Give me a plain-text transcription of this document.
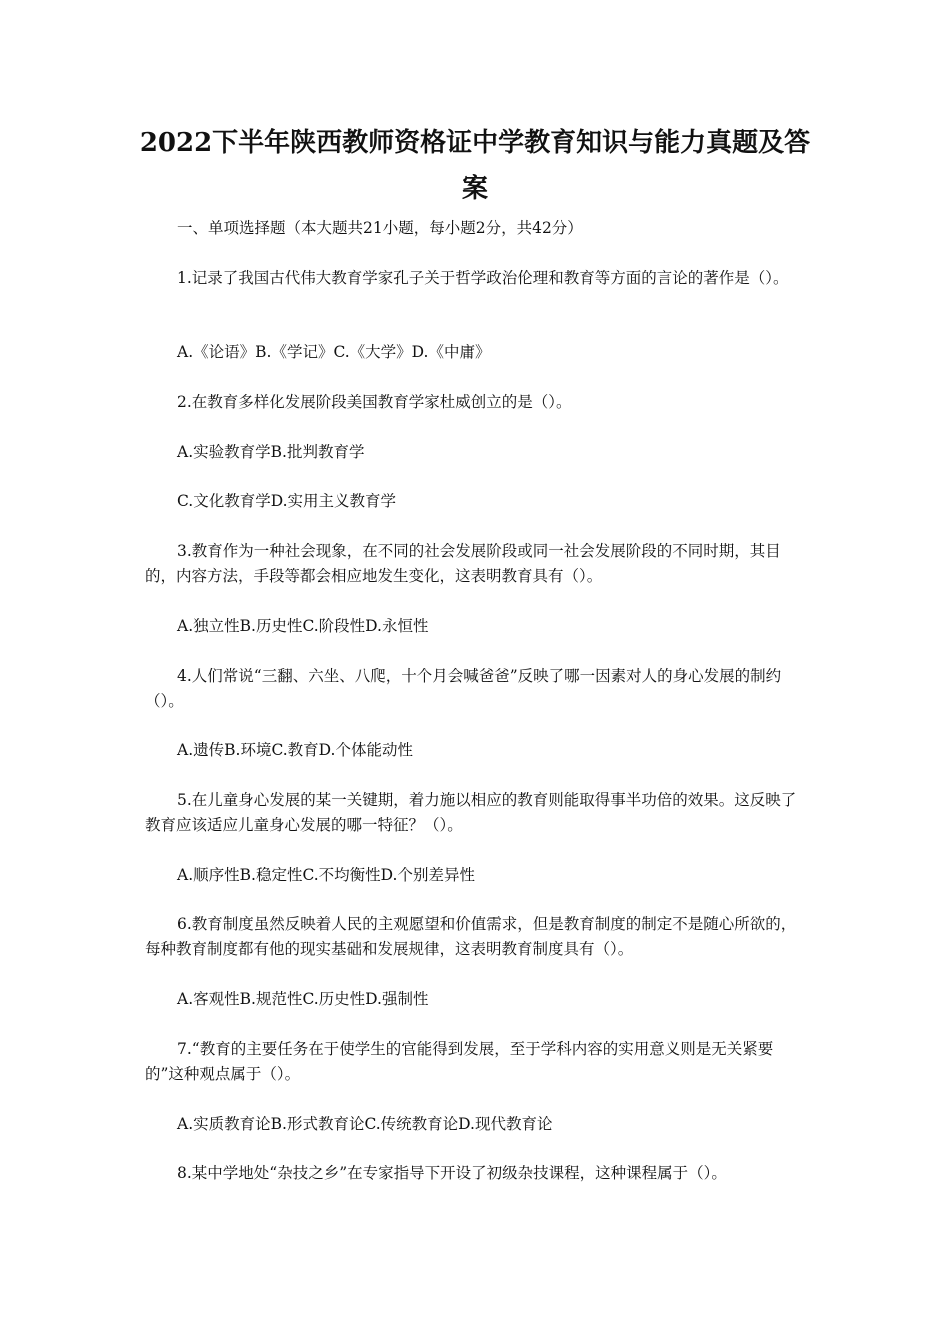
2022下半年陕西教师资格证中学教育知识与能力真题及答
案

一、单项选择题（本大题共21小题，每小题2分，共42分）

1.记录了我国古代伟大教育学家孔子关于哲学政治伦理和教育等方面的言论的著作是（）。

A.《论语》B.《学记》C.《大学》D.《中庸》

2.在教育多样化发展阶段美国教育学家杜威创立的是（）。

A.实验教育学B.批判教育学

C.文化教育学D.实用主义教育学

3.教育作为一种社会现象，在不同的社会发展阶段或同一社会发展阶段的不同时期，其目的，内容方法，手段等都会相应地发生变化，这表明教育具有（）。

A.独立性B.历史性C.阶段性D.永恒性

4.人们常说“三翻、六坐、八爬，十个月会喊爸爸”反映了哪一因素对人的身心发展的制约（）。

A.遗传B.环境C.教育D.个体能动性

5.在儿童身心发展的某一关键期，着力施以相应的教育则能取得事半功倍的效果。这反映了教育应该适应儿童身心发展的哪一特征？（）。

A.顺序性B.稳定性C.不均衡性D.个别差异性

6.教育制度虽然反映着人民的主观愿望和价值需求，但是教育制度的制定不是随心所欲的，每种教育制度都有他的现实基础和发展规律，这表明教育制度具有（）。

A.客观性B.规范性C.历史性D.强制性

7.“教育的主要任务在于使学生的官能得到发展，至于学科内容的实用意义则是无关紧要的”这种观点属于（）。

A.实质教育论B.形式教育论C.传统教育论D.现代教育论

8.某中学地处“杂技之乡”在专家指导下开设了初级杂技课程，这种课程属于（）。
